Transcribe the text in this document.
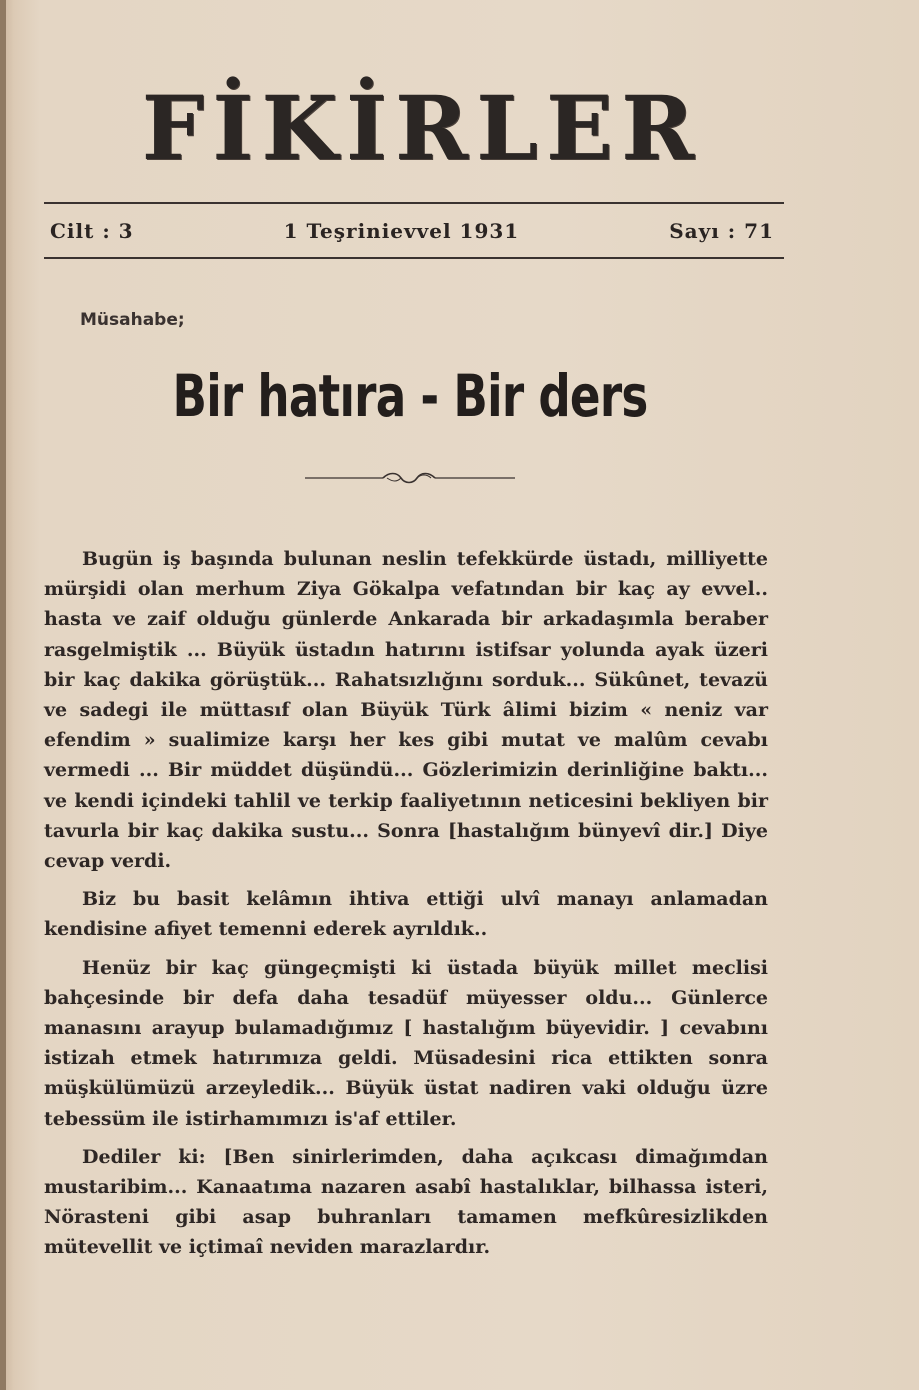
FİKİRLER
Cilt : 3	1 Teşrinievvel 1931	Sayı : 71
Müsahabe;
Bir hatıra - Bir ders

Bugün iş başında bulunan neslin tefekkürde üstadı, milliyette mürşidi olan merhum Ziya Gökalpa vefatından bir kaç ay evvel.. hasta ve zaif olduğu günlerde Ankarada bir arkadaşımla beraber rasgelmiştik ... Büyük üstadın hatırını istifsar yolunda ayak üzeri bir kaç dakika görüştük... Rahatsızlığını sorduk... Sükûnet, tevazü ve sadegi ile müttasıf olan Büyük Türk âlimi bizim « neniz var efendim » sualimize karşı her kes gibi mutat ve malûm cevabı vermedi ... Bir müddet düşündü... Gözlerimizin derinliğine baktı... ve kendi içindeki tahlil ve terkip faaliyetının neticesini bekliyen bir tavurla bir kaç dakika sustu... Sonra [hastalığım bünyevî dir.] Diye cevap verdi.

Biz bu basit kelâmın ihtiva ettiği ulvî manayı anlamadan kendisine afiyet temenni ederek ayrıldık..

Henüz bir kaç güngeçmişti ki üstada büyük millet meclisi bahçesinde bir defa daha tesadüf müyesser oldu... Günlerce manasını arayup bulamadığımız [ hastalığım büyevidir. ] cevabını istizah etmek hatırımıza geldi. Müsadesini rica ettikten sonra müşkülümüzü arzeyledik... Büyük üstat nadiren vaki olduğu üzre tebessüm ile istirhamımızı is'af ettiler.

Dediler ki: [Ben sinirlerimden, daha açıkcası dimağımdan mustaribim... Kanaatıma nazaren asabî hastalıklar, bilhassa isteri, Nörasteni gibi asap buhranları tamamen mefkûresizlikden mütevellit ve içtimaî neviden marazlardır.
